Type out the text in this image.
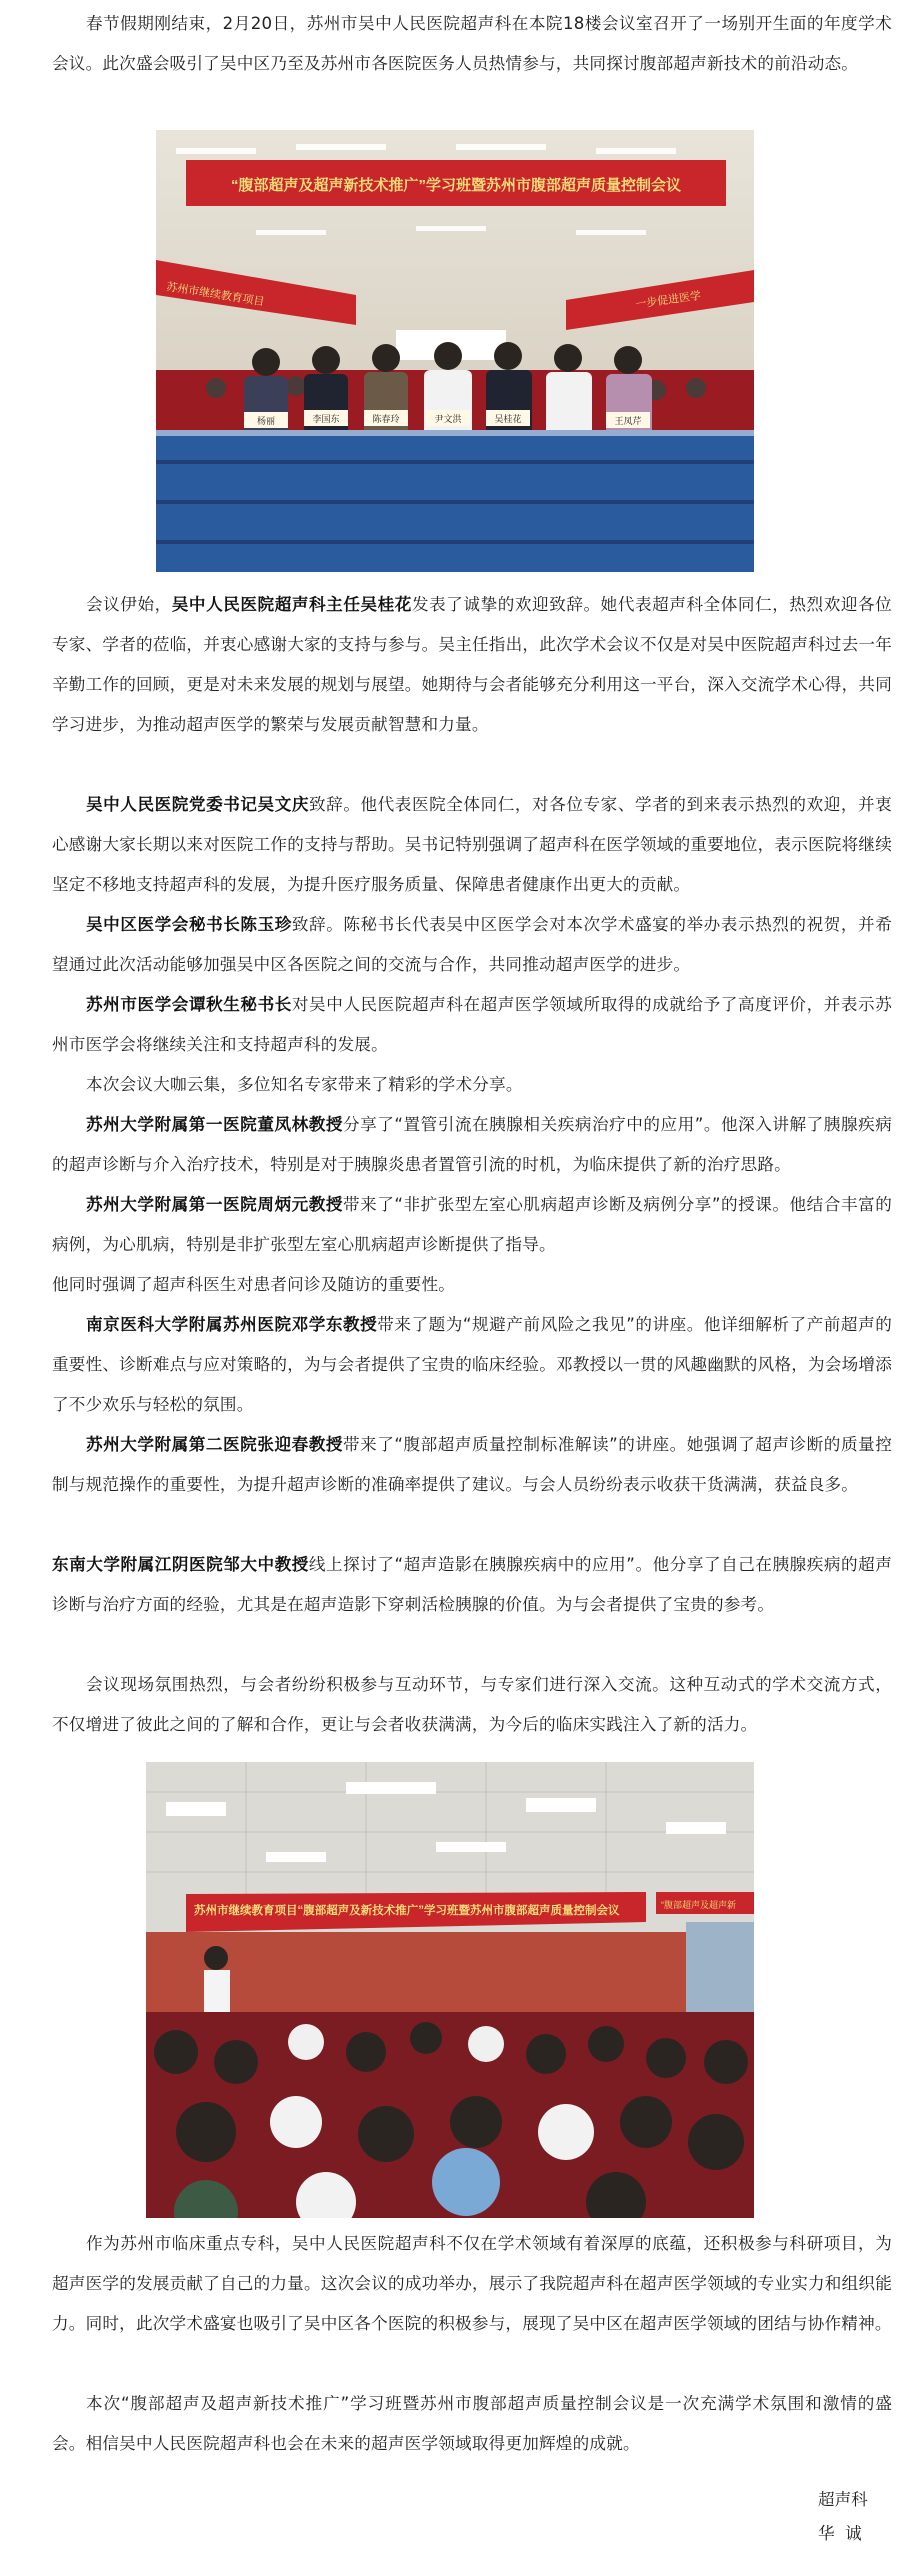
春节假期刚结束，2月20日，苏州市吴中人民医院超声科在本院18楼会议室召开了一场别开生面的年度学术会议。此次盛会吸引了吴中区乃至及苏州市各医院医务人员热情参与，共同探讨腹部超声新技术的前沿动态。

“腹部超声及超声新技术推广”学习班暨苏州市腹部超声质量控制会议
苏州市继续教育项目	一步促进医学
杨丽	李国东	陈春玲	尹文洪	吴桂花	王凤芹

会议伊始，吴中人民医院超声科主任吴桂花发表了诚挚的欢迎致辞。她代表超声科全体同仁，热烈欢迎各位专家、学者的莅临，并衷心感谢大家的支持与参与。吴主任指出，此次学术会议不仅是对吴中医院超声科过去一年辛勤工作的回顾，更是对未来发展的规划与展望。她期待与会者能够充分利用这一平台，深入交流学术心得，共同学习进步，为推动超声医学的繁荣与发展贡献智慧和力量。

吴中人民医院党委书记吴文庆致辞。他代表医院全体同仁，对各位专家、学者的到来表示热烈的欢迎，并衷心感谢大家长期以来对医院工作的支持与帮助。吴书记特别强调了超声科在医学领域的重要地位，表示医院将继续坚定不移地支持超声科的发展，为提升医疗服务质量、保障患者健康作出更大的贡献。

吴中区医学会秘书长陈玉珍致辞。陈秘书长代表吴中区医学会对本次学术盛宴的举办表示热烈的祝贺，并希望通过此次活动能够加强吴中区各医院之间的交流与合作，共同推动超声医学的进步。

苏州市医学会谭秋生秘书长对吴中人民医院超声科在超声医学领域所取得的成就给予了高度评价，并表示苏州市医学会将继续关注和支持超声科的发展。

本次会议大咖云集，多位知名专家带来了精彩的学术分享。

苏州大学附属第一医院董凤林教授分享了“置管引流在胰腺相关疾病治疗中的应用”。他深入讲解了胰腺疾病的超声诊断与介入治疗技术，特别是对于胰腺炎患者置管引流的时机，为临床提供了新的治疗思路。

苏州大学附属第一医院周炳元教授带来了“非扩张型左室心肌病超声诊断及病例分享”的授课。他结合丰富的病例，为心肌病，特别是非扩张型左室心肌病超声诊断提供了指导。

他同时强调了超声科医生对患者问诊及随访的重要性。

南京医科大学附属苏州医院邓学东教授带来了题为“规避产前风险之我见”的讲座。他详细解析了产前超声的重要性、诊断难点与应对策略的，为与会者提供了宝贵的临床经验。邓教授以一贯的风趣幽默的风格，为会场增添了不少欢乐与轻松的氛围。

苏州大学附属第二医院张迎春教授带来了“腹部超声质量控制标准解读”的讲座。她强调了超声诊断的质量控制与规范操作的重要性，为提升超声诊断的准确率提供了建议。与会人员纷纷表示收获干货满满，获益良多。

东南大学附属江阴医院邹大中教授线上探讨了“超声造影在胰腺疾病中的应用”。他分享了自己在胰腺疾病的超声诊断与治疗方面的经验，尤其是在超声造影下穿刺活检胰腺的价值。为与会者提供了宝贵的参考。

会议现场氛围热烈，与会者纷纷积极参与互动环节，与专家们进行深入交流。这种互动式的学术交流方式，不仅增进了彼此之间的了解和合作，更让与会者收获满满，为今后的临床实践注入了新的活力。

苏州市继续教育项目“腹部超声及新技术推广”学习班暨苏州市腹部超声质量控制会议	“腹部超声及超声新

作为苏州市临床重点专科，吴中人民医院超声科不仅在学术领域有着深厚的底蕴，还积极参与科研项目，为超声医学的发展贡献了自己的力量。这次会议的成功举办，展示了我院超声科在超声医学领域的专业实力和组织能力。同时，此次学术盛宴也吸引了吴中区各个医院的积极参与，展现了吴中区在超声医学领域的团结与协作精神。

本次“腹部超声及超声新技术推广”学习班暨苏州市腹部超声质量控制会议是一次充满学术氛围和激情的盛会。相信吴中人民医院超声科也会在未来的超声医学领域取得更加辉煌的成就。

超声科
华  诚
